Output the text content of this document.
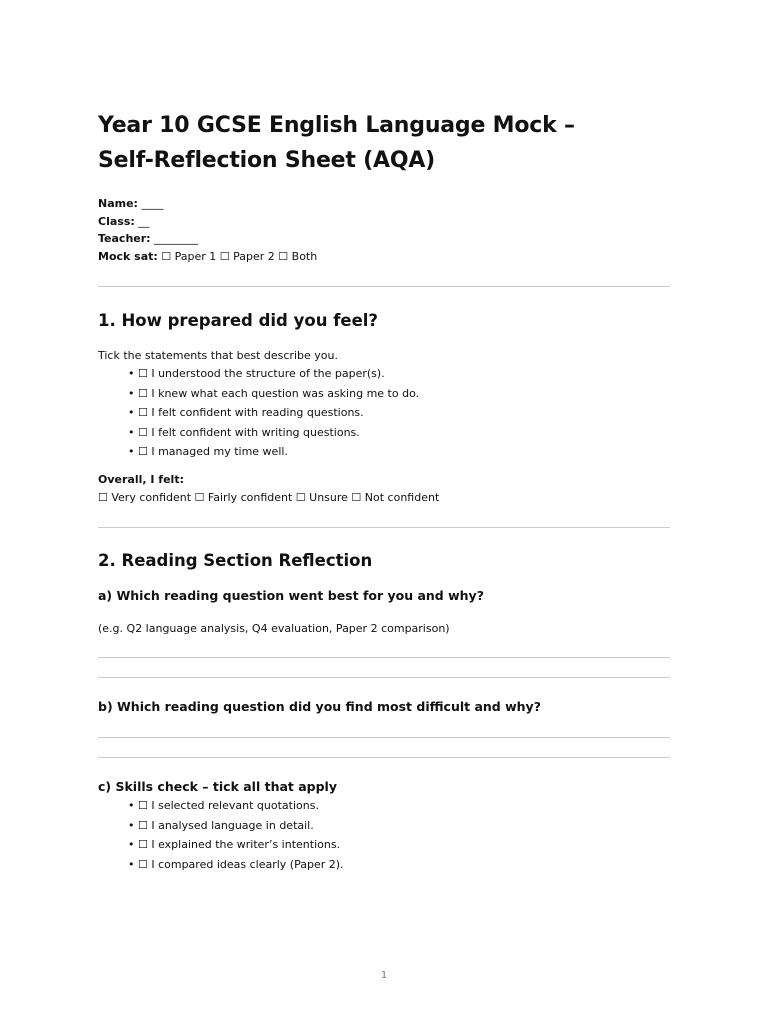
Year 10 GCSE English Language Mock –
Self-Reflection Sheet (AQA)
Name: ____
Class: __
Teacher: ________
Mock sat: ☐ Paper 1 ☐ Paper 2 ☐ Both
1. How prepared did you feel?

Tick the statements that best describe you.

• ☐ I understood the structure of the paper(s).
• ☐ I knew what each question was asking me to do.
• ☐ I felt confident with reading questions.
• ☐ I felt confident with writing questions.
• ☐ I managed my time well.
Overall, I felt:
☐ Very confident ☐ Fairly confident ☐ Unsure ☐ Not confident
2. Reading Section Reflection
a) Which reading question went best for you and why?

(e.g. Q2 language analysis, Q4 evaluation, Paper 2 comparison)

b) Which reading question did you find most difficult and why?
c) Skills check – tick all that apply
• ☐ I selected relevant quotations.
• ☐ I analysed language in detail.
• ☐ I explained the writer’s intentions.
• ☐ I compared ideas clearly (Paper 2).
1
